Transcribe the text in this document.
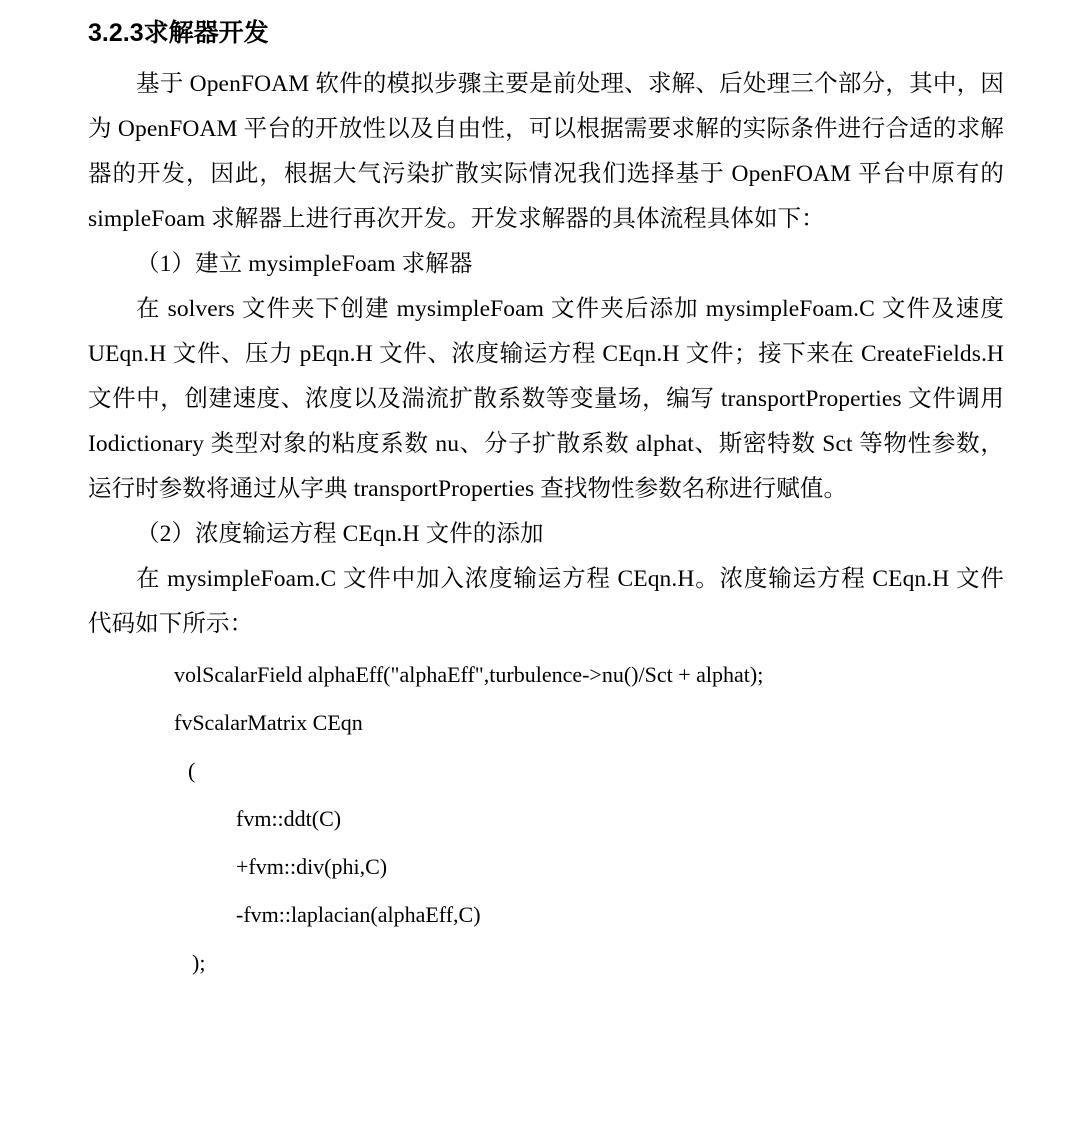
3.2.3求解器开发

基于 OpenFOAM 软件的模拟步骤主要是前处理、求解、后处理三个部分，其中，因为 OpenFOAM 平台的开放性以及自由性，可以根据需要求解的实际条件进行合适的求解器的开发，因此，根据大气污染扩散实际情况我们选择基于 OpenFOAM 平台中原有的 simpleFoam 求解器上进行再次开发。开发求解器的具体流程具体如下：

（1）建立 mysimpleFoam 求解器

在 solvers 文件夹下创建 mysimpleFoam 文件夹后添加 mysimpleFoam.C 文件及速度 UEqn.H 文件、压力 pEqn.H 文件、浓度输运方程 CEqn.H 文件；接下来在 CreateFields.H 文件中，创建速度、浓度以及湍流扩散系数等变量场，编写 transportProperties 文件调用 Iodictionary 类型对象的粘度系数 nu、分子扩散系数 alphat、斯密特数 Sct 等物性参数，运行时参数将通过从字典 transportProperties 查找物性参数名称进行赋值。

（2）浓度输运方程 CEqn.H 文件的添加

在 mysimpleFoam.C 文件中加入浓度输运方程 CEqn.H。浓度输运方程 CEqn.H 文件代码如下所示：

volScalarField alphaEff("alphaEff",turbulence->nu()/Sct + alphat);
fvScalarMatrix CEqn
(
fvm::ddt(C)
+fvm::div(phi,C)
-fvm::laplacian(alphaEff,C)
);
